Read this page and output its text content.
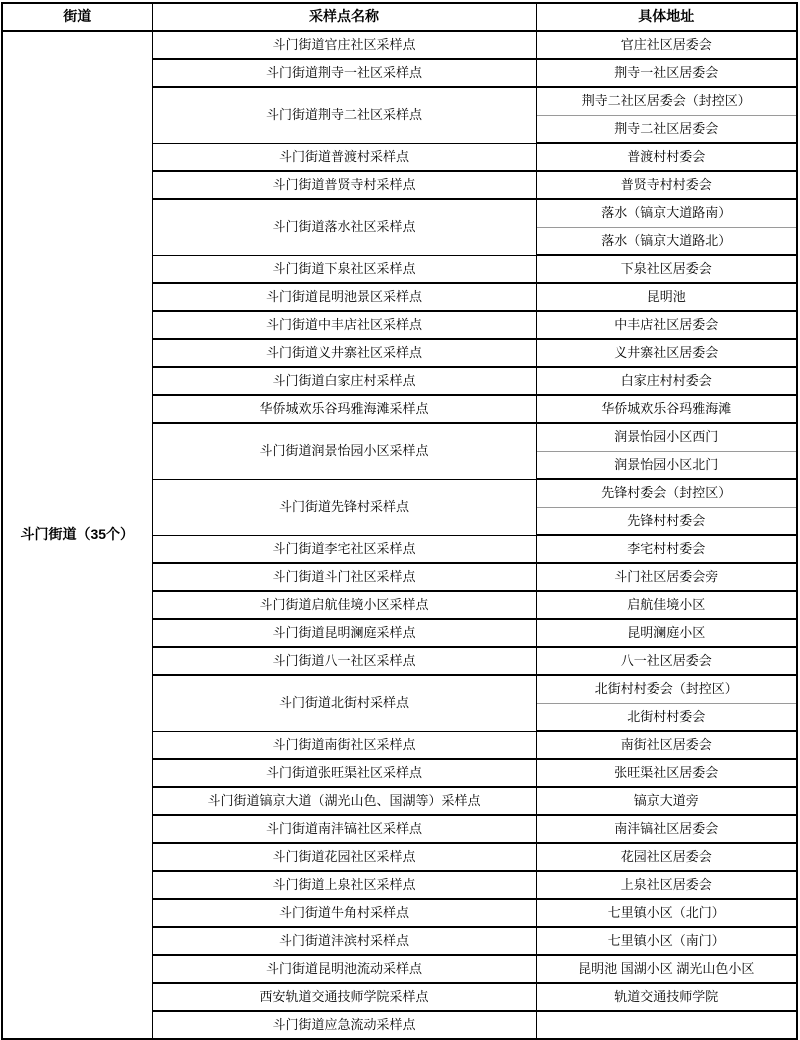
街道	采样点名称	具体地址
斗门街道（35个）	斗门街道官庄社区采样点	官庄社区居委会
	斗门街道荆寺一社区采样点	荆寺一社区居委会
	斗门街道荆寺二社区采样点	荆寺二社区居委会（封控区）
		荆寺二社区居委会
	斗门街道普渡村采样点	普渡村村委会
	斗门街道普贤寺村采样点	普贤寺村村委会
	斗门街道落水社区采样点	落水（镐京大道路南）
		落水（镐京大道路北）
	斗门街道下泉社区采样点	下泉社区居委会
	斗门街道昆明池景区采样点	昆明池
	斗门街道中丰店社区采样点	中丰店社区居委会
	斗门街道义井寨社区采样点	义井寨社区居委会
	斗门街道白家庄村采样点	白家庄村村委会
	华侨城欢乐谷玛雅海滩采样点	华侨城欢乐谷玛雅海滩
	斗门街道润景怡园小区采样点	润景怡园小区西门
		润景怡园小区北门
	斗门街道先锋村采样点	先锋村委会（封控区）
		先锋村村委会
	斗门街道李宅社区采样点	李宅村村委会
	斗门街道斗门社区采样点	斗门社区居委会旁
	斗门街道启航佳境小区采样点	启航佳境小区
	斗门街道昆明澜庭采样点	昆明澜庭小区
	斗门街道八一社区采样点	八一社区居委会
	斗门街道北街村采样点	北街村村委会（封控区）
		北街村村委会
	斗门街道南街社区采样点	南街社区居委会
	斗门街道张旺渠社区采样点	张旺渠社区居委会
	斗门街道镐京大道（湖光山色、国湖等）采样点	镐京大道旁
	斗门街道南沣镐社区采样点	南沣镐社区居委会
	斗门街道花园社区采样点	花园社区居委会
	斗门街道上泉社区采样点	上泉社区居委会
	斗门街道牛角村采样点	七里镇小区（北门）
	斗门街道沣滨村采样点	七里镇小区（南门）
	斗门街道昆明池流动采样点	昆明池 国湖小区 湖光山色小区
	西安轨道交通技师学院采样点	轨道交通技师学院
	斗门街道应急流动采样点	
